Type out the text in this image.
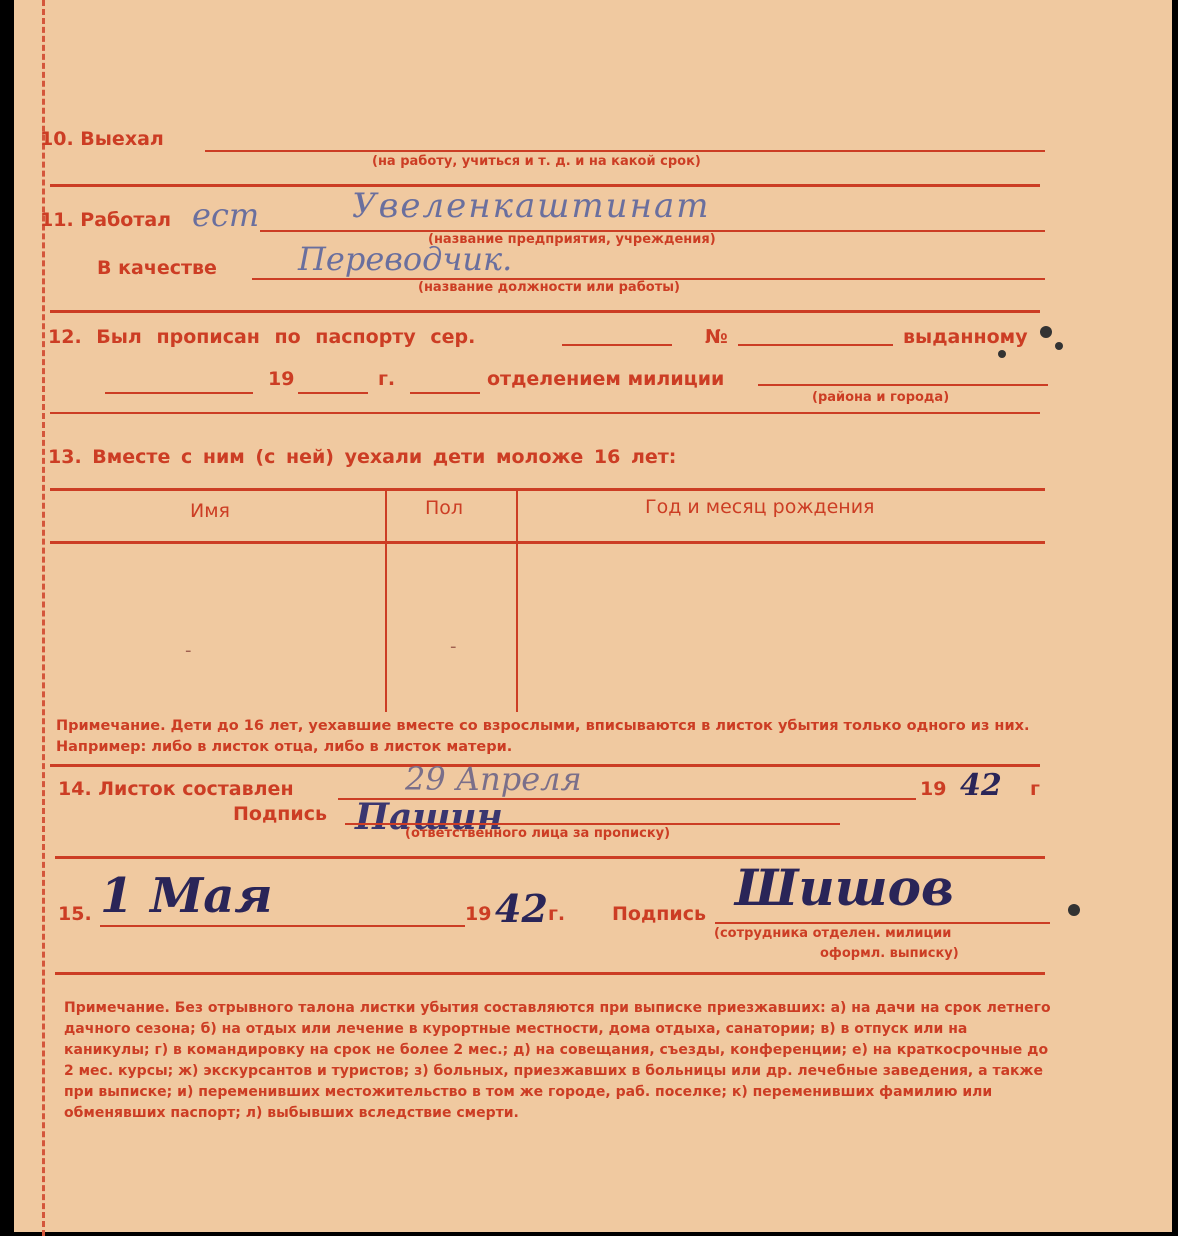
10. Выехал
(на работу, учиться и т. д. и на какой срок)
11. Работал ест	Увеленкаштинат
(название предприятия, учреждения)
В качестве	Переводчик.
(название должности или работы)
12. Был прописан по паспорту сер.	№	выданному
19	г.	отделением милиции
(района и города)
13. Вместе с ним (с ней) уехали дети моложе 16 лет:
Имя	Пол	Год и месяц рождения
-	-
Примечание. Дети до 16 лет, уехавшие вместе со взрослыми, вписываются в листок убытия только одного из них. Например: либо в листок отца, либо в листок матери.
14. Листок составлен	29 Апреля	19 42 г
Подпись Пашин
(ответственного лица за прописку)
15. 1 Мая	19 42 г. Подпись Шишов
(сотрудника отделен. милиции
оформл. выписку)
Примечание. Без отрывного талона листки убытия составляются при выписке приезжавших: а) на дачи на срок летнего дачного сезона; б) на отдых или лечение в курортные местности, дома отдыха, санатории; в) в отпуск или на каникулы; г) в командировку на срок не более 2 мес.; д) на совещания, съезды, конференции; е) на краткосрочные до 2 мес. курсы; ж) экскурсантов и туристов; з) больных, приезжавших в больницы или др. лечебные заведения, а также при выписке; и) переменивших местожительство в том же городе, раб. поселке; к) переменивших фамилию или обменявших паспорт; л) выбывших вследствие смерти.
